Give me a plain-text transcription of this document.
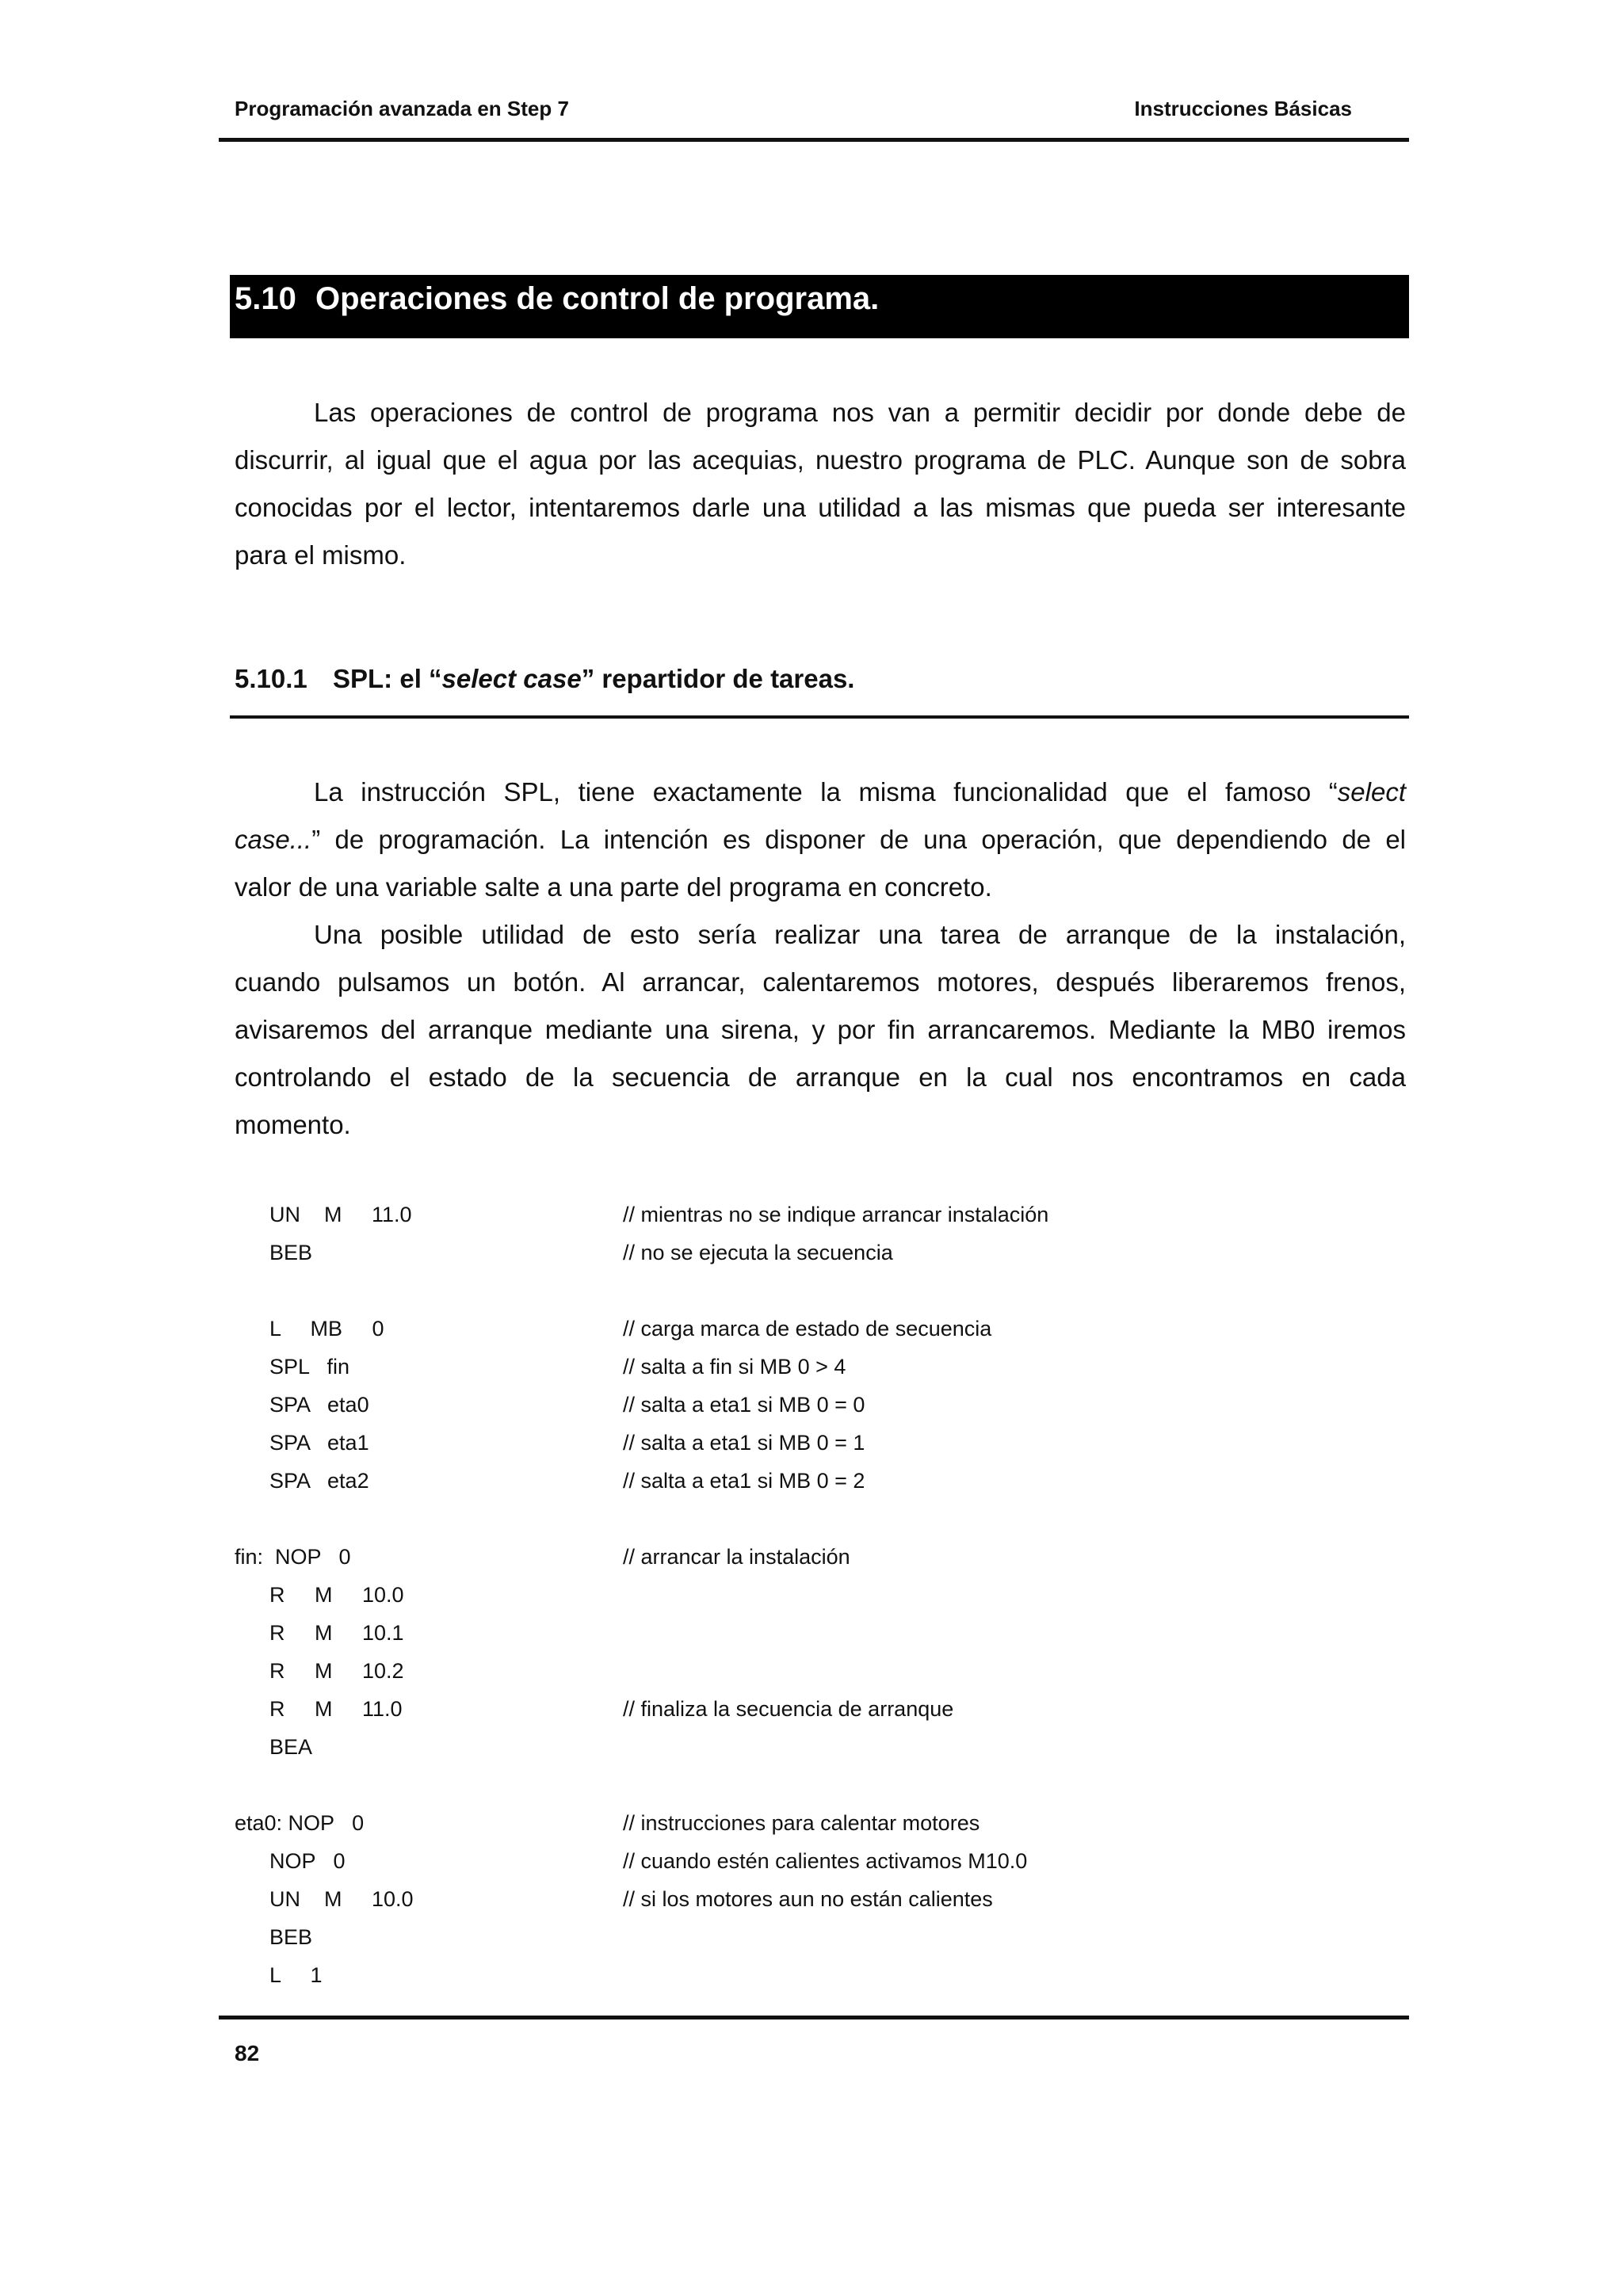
Programación avanzada en Step 7	Instrucciones Básicas
5.10 Operaciones de control de programa.
Las operaciones de control de programa nos van a permitir decidir por donde debe de
discurrir, al igual que el agua por las acequias, nuestro programa de PLC. Aunque son de sobra
conocidas por el lector, intentaremos darle una utilidad a las mismas que pueda ser interesante
para el mismo.
5.10.1 SPL: el “select case” repartidor de tareas.
La instrucción SPL, tiene exactamente la misma funcionalidad que el famoso “select
case...” de programación. La intención es disponer de una operación, que dependiendo de el
valor de una variable salte a una parte del programa en concreto.
Una posible utilidad de esto sería realizar una tarea de arranque de la instalación,
cuando pulsamos un botón. Al arrancar, calentaremos motores, después liberaremos frenos,
avisaremos del arranque mediante una sirena, y por fin arrancaremos. Mediante la MB0 iremos
controlando el estado de la secuencia de arranque en la cual nos encontramos en cada
momento.
UN    M     11.0	// mientras no se indique arrancar instalación
BEB	// no se ejecuta la secuencia
L     MB     0	// carga marca de estado de secuencia
SPL   fin	// salta a fin si MB 0 > 4
SPA   eta0	// salta a eta1 si MB 0 = 0
SPA   eta1	// salta a eta1 si MB 0 = 1
SPA   eta2	// salta a eta1 si MB 0 = 2
fin:  NOP   0	// arrancar la instalación
R     M     10.0
R     M     10.1
R     M     10.2
R     M     11.0	// finaliza la secuencia de arranque
BEA
eta0: NOP   0	// instrucciones para calentar motores
NOP   0	// cuando estén calientes activamos M10.0
UN    M     10.0	// si los motores aun no están calientes
BEB
L     1
82
